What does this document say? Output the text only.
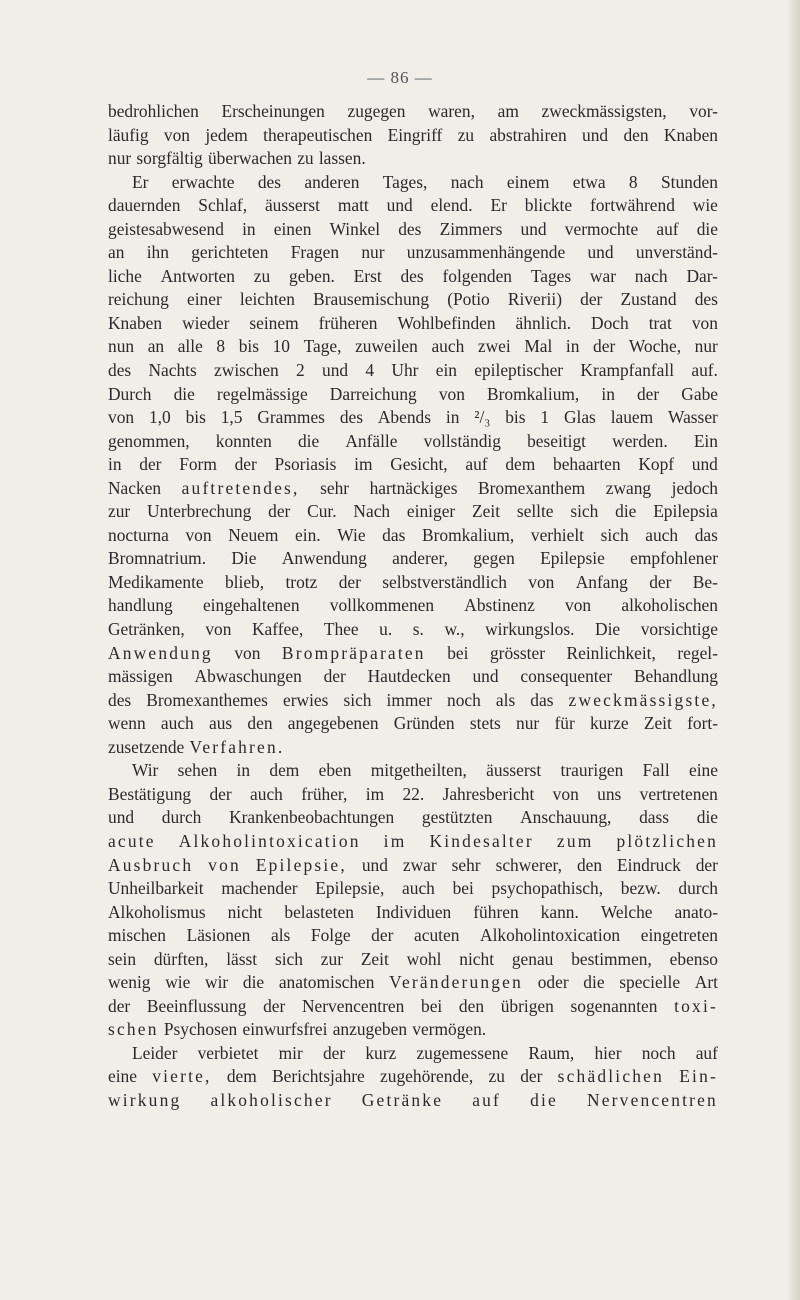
— 86 —
bedrohlichen Erscheinungen zugegen waren, am zweckmässigsten, vor-
läufig von jedem therapeutischen Eingriff zu abstrahiren und den Knaben
nur sorgfältig überwachen zu lassen.
Er erwachte des anderen Tages, nach einem etwa 8 Stunden
dauernden Schlaf, äusserst matt und elend. Er blickte fortwährend wie
geistesabwesend in einen Winkel des Zimmers und vermochte auf die
an ihn gerichteten Fragen nur unzusammenhängende und unverständ-
liche Antworten zu geben. Erst des folgenden Tages war nach Dar-
reichung einer leichten Brausemischung (Potio Riverii) der Zustand des
Knaben wieder seinem früheren Wohlbefinden ähnlich. Doch trat von
nun an alle 8 bis 10 Tage, zuweilen auch zwei Mal in der Woche, nur
des Nachts zwischen 2 und 4 Uhr ein epileptischer Krampfanfall auf.
Durch die regelmässige Darreichung von Bromkalium, in der Gabe
von 1,0 bis 1,5 Grammes des Abends in ²/₃ bis 1 Glas lauem Wasser
genommen, konnten die Anfälle vollständig beseitigt werden. Ein
in der Form der Psoriasis im Gesicht, auf dem behaarten Kopf und
Nacken auftretendes, sehr hartnäckiges Bromexanthem zwang jedoch
zur Unterbrechung der Cur. Nach einiger Zeit sellte sich die Epilepsia
nocturna von Neuem ein. Wie das Bromkalium, verhielt sich auch das
Bromnatrium. Die Anwendung anderer, gegen Epilepsie empfohlener
Medikamente blieb, trotz der selbstverständlich von Anfang der Be-
handlung eingehaltenen vollkommenen Abstinenz von alkoholischen
Getränken, von Kaffee, Thee u. s. w., wirkungslos. Die vorsichtige
Anwendung von Brompräparaten bei grösster Reinlichkeit, regel-
mässigen Abwaschungen der Hautdecken und consequenter Behandlung
des Bromexanthemes erwies sich immer noch als das zweckmässigste,
wenn auch aus den angegebenen Gründen stets nur für kurze Zeit fort-
zusetzende Verfahren.
Wir sehen in dem eben mitgetheilten, äusserst traurigen Fall eine
Bestätigung der auch früher, im 22. Jahresbericht von uns vertretenen
und durch Krankenbeobachtungen gestützten Anschauung, dass die
acute Alkoholintoxication im Kindesalter zum plötzlichen
Ausbruch von Epilepsie, und zwar sehr schwerer, den Eindruck der
Unheilbarkeit machender Epilepsie, auch bei psychopathisch, bezw. durch
Alkoholismus nicht belasteten Individuen führen kann. Welche anato-
mischen Läsionen als Folge der acuten Alkoholintoxication eingetreten
sein dürften, lässt sich zur Zeit wohl nicht genau bestimmen, ebenso
wenig wie wir die anatomischen Veränderungen oder die specielle Art
der Beeinflussung der Nervencentren bei den übrigen sogenannten toxi-
schen Psychosen einwurfsfrei anzugeben vermögen.
Leider verbietet mir der kurz zugemessene Raum, hier noch auf
eine vierte, dem Berichtsjahre zugehörende, zu der schädlichen Ein-
wirkung alkoholischer Getränke auf die Nervencentren
